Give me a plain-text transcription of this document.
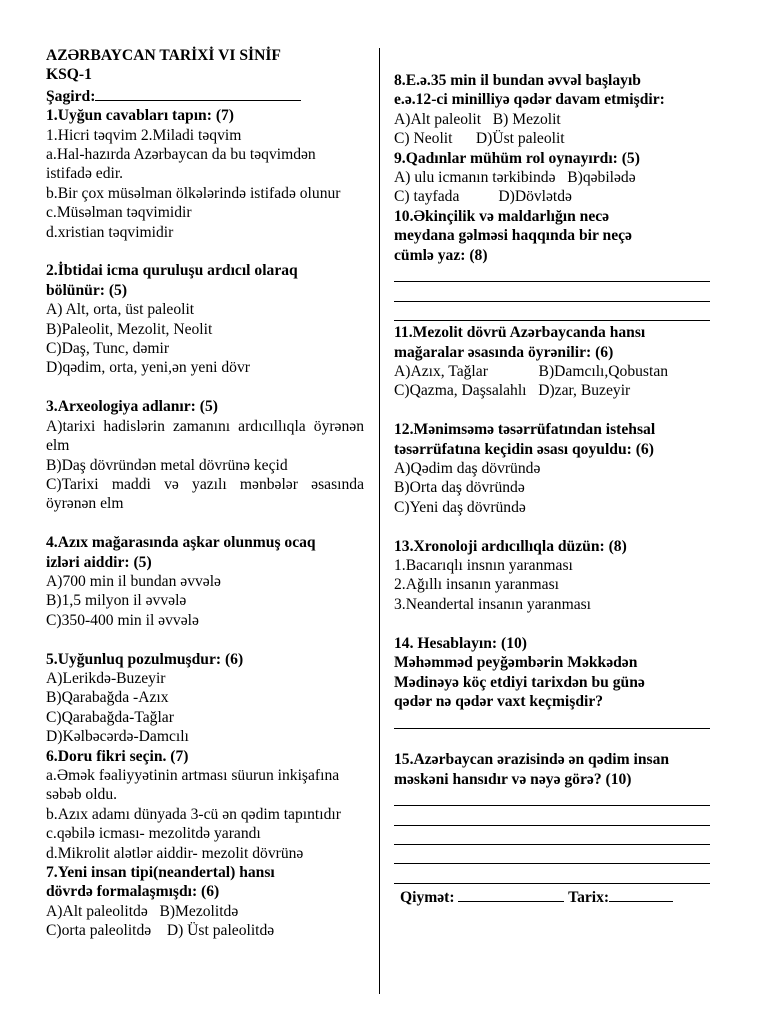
AZƏRBAYCAN TARİXİ VI SİNİF
KSQ-1
Şagird:
1.Uyğun cavabları tapın: (7)
1.Hicri təqvim 2.Miladi təqvim
a.Hal-hazırda Azərbaycan da bu təqvimdən istifadə edir.
b.Bir çox müsəlman ölkələrində istifadə olunur
c.Müsəlman təqvimidir
d.xristian təqvimidir
2.İbtidai icma quruluşu ardıcıl olaraq
bölünür: (5)
A) Alt, orta, üst paleolit
B)Paleolit, Mezolit, Neolit
C)Daş, Tunc, dəmir
D)qədim, orta, yeni,ən yeni dövr
3.Arxeologiya adlanır: (5)
A)tarixi hadislərin zamanını ardıcıllıqla öyrənən elm
B)Daş dövründən metal dövrünə keçid
C)Tarixi maddi və yazılı mənbələr əsasında öyrənən elm
4.Azıx mağarasında aşkar olunmuş ocaq
izləri aiddir: (5)
A)700 min il bundan əvvələ
B)1,5 milyon il əvvələ
C)350-400 min il əvvələ
5.Uyğunluq pozulmuşdur: (6)
A)Lerikdə-Buzeyir
B)Qarabağda -Azıx
C)Qarabağda-Tağlar
D)Kəlbəcərdə-Damcılı
6.Doru fikri seçin. (7)
a.Əmək fəaliyyətinin artması süurun inkişafına səbəb oldu.
b.Azıx adamı dünyada 3-cü ən qədim tapıntıdır
c.qəbilə icması- mezolitdə yarandı
d.Mikrolit alətlər aiddir- mezolit dövrünə
7.Yeni insan tipi(neandertal) hansı
dövrdə formalaşmışdı: (6)
A)Alt paleolitdə   B)Mezolitdə
C)orta paleolitdə    D) Üst paleolitdə
8.E.ə.35 min il bundan əvvəl başlayıb
e.ə.12-ci minilliyə qədər davam etmişdir:
A)Alt paleolit   B) Mezolit
C) Neolit      D)Üst paleolit
9.Qadınlar mühüm rol oynayırdı: (5)
A) ulu icmanın tərkibində   B)qəbilədə
C) tayfada          D)Dövlətdə
10.Əkinçilik və maldarlığın necə
meydana gəlməsi haqqında bir neçə
cümlə yaz: (8)
11.Mezolit dövrü Azərbaycanda hansı
mağaralar əsasında öyrənilir: (6)
A)Azıx, Tağlar             B)Damcılı,Qobustan
C)Qazma, Daşsalahlı   D)zar, Buzeyir
12.Mənimsəmə təsərrüfatından istehsal
təsərrüfatına keçidin əsası qoyuldu: (6)
A)Qədim daş dövründə
B)Orta daş dövründə
C)Yeni daş dövründə
13.Xronoloji ardıcıllıqla düzün: (8)
1.Bacarıqlı insnın yaranması
2.Ağıllı insanın yaranması
3.Neandertal insanın yaranması
14. Hesablayın: (10)
Məhəmməd peyğəmbərin Məkkədən
Mədinəyə köç etdiyi tarixdən bu günə
qədər nə qədər vaxt keçmişdir?
15.Azərbaycan ərazisində ən qədim insan
məskəni hansıdır və nəyə görə? (10)
Qiymət:	Tarix:
